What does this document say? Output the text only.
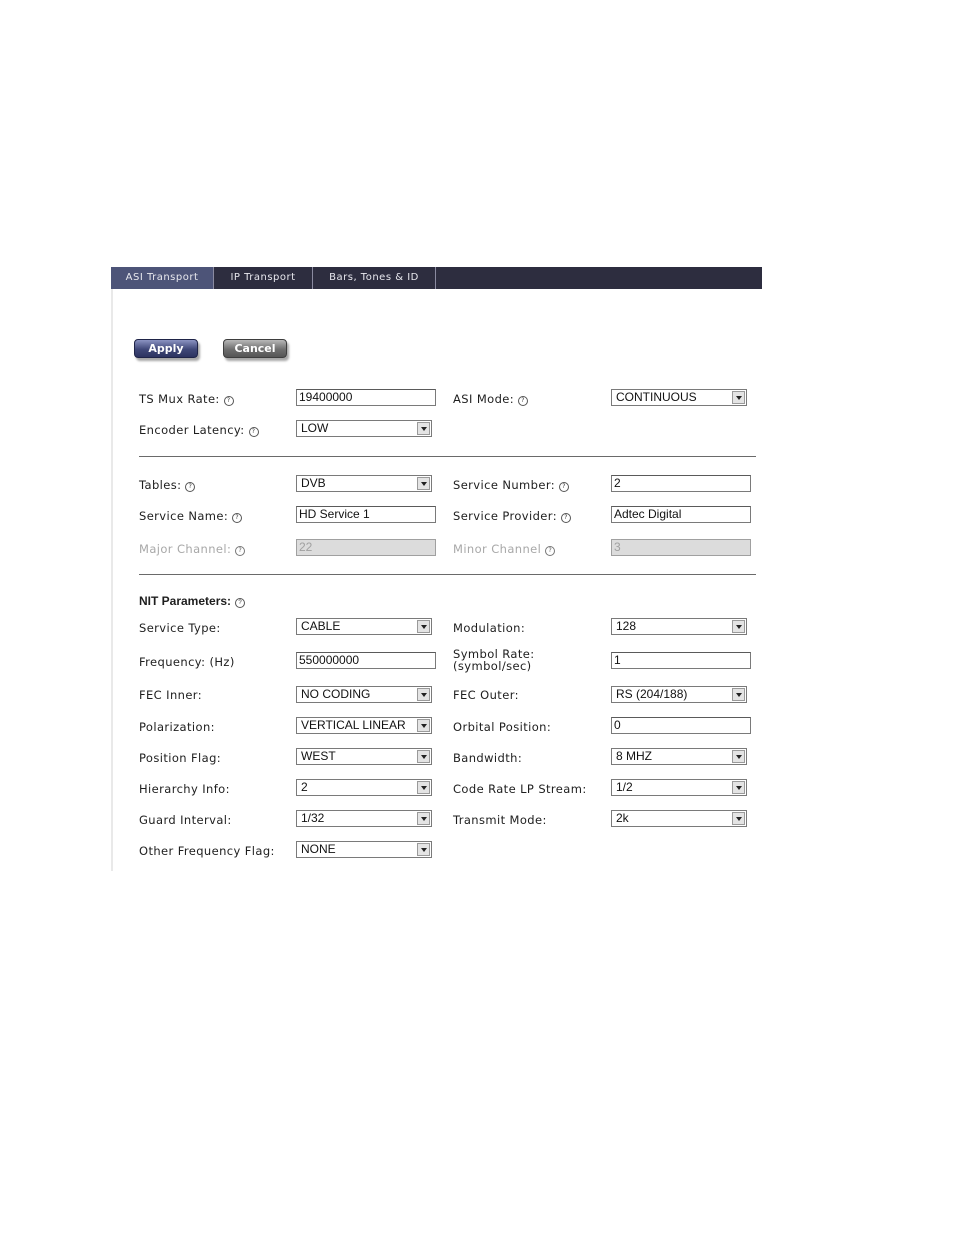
ASI Transport	IP Transport	Bars, Tones & ID
Apply	Cancel
TS Mux Rate: ?	19400000	ASI Mode: ?	CONTINUOUS
Encoder Latency: ?	LOW
Tables: ?	DVB	Service Number: ?	2
Service Name: ?	HD Service 1	Service Provider: ?	Adtec Digital
Major Channel: ?	22	Minor Channel ?	3
NIT Parameters: ?
Service Type:	CABLE	Modulation:	128
Frequency: (Hz)	550000000	Symbol Rate:
(symbol/sec)	1
FEC Inner:	NO CODING	FEC Outer:	RS (204/188)
Polarization:	VERTICAL LINEAR	Orbital Position:	0
Position Flag:	WEST	Bandwidth:	8 MHZ
Hierarchy Info:	2	Code Rate LP Stream:	1/2
Guard Interval:	1/32	Transmit Mode:	2k
Other Frequency Flag:	NONE
